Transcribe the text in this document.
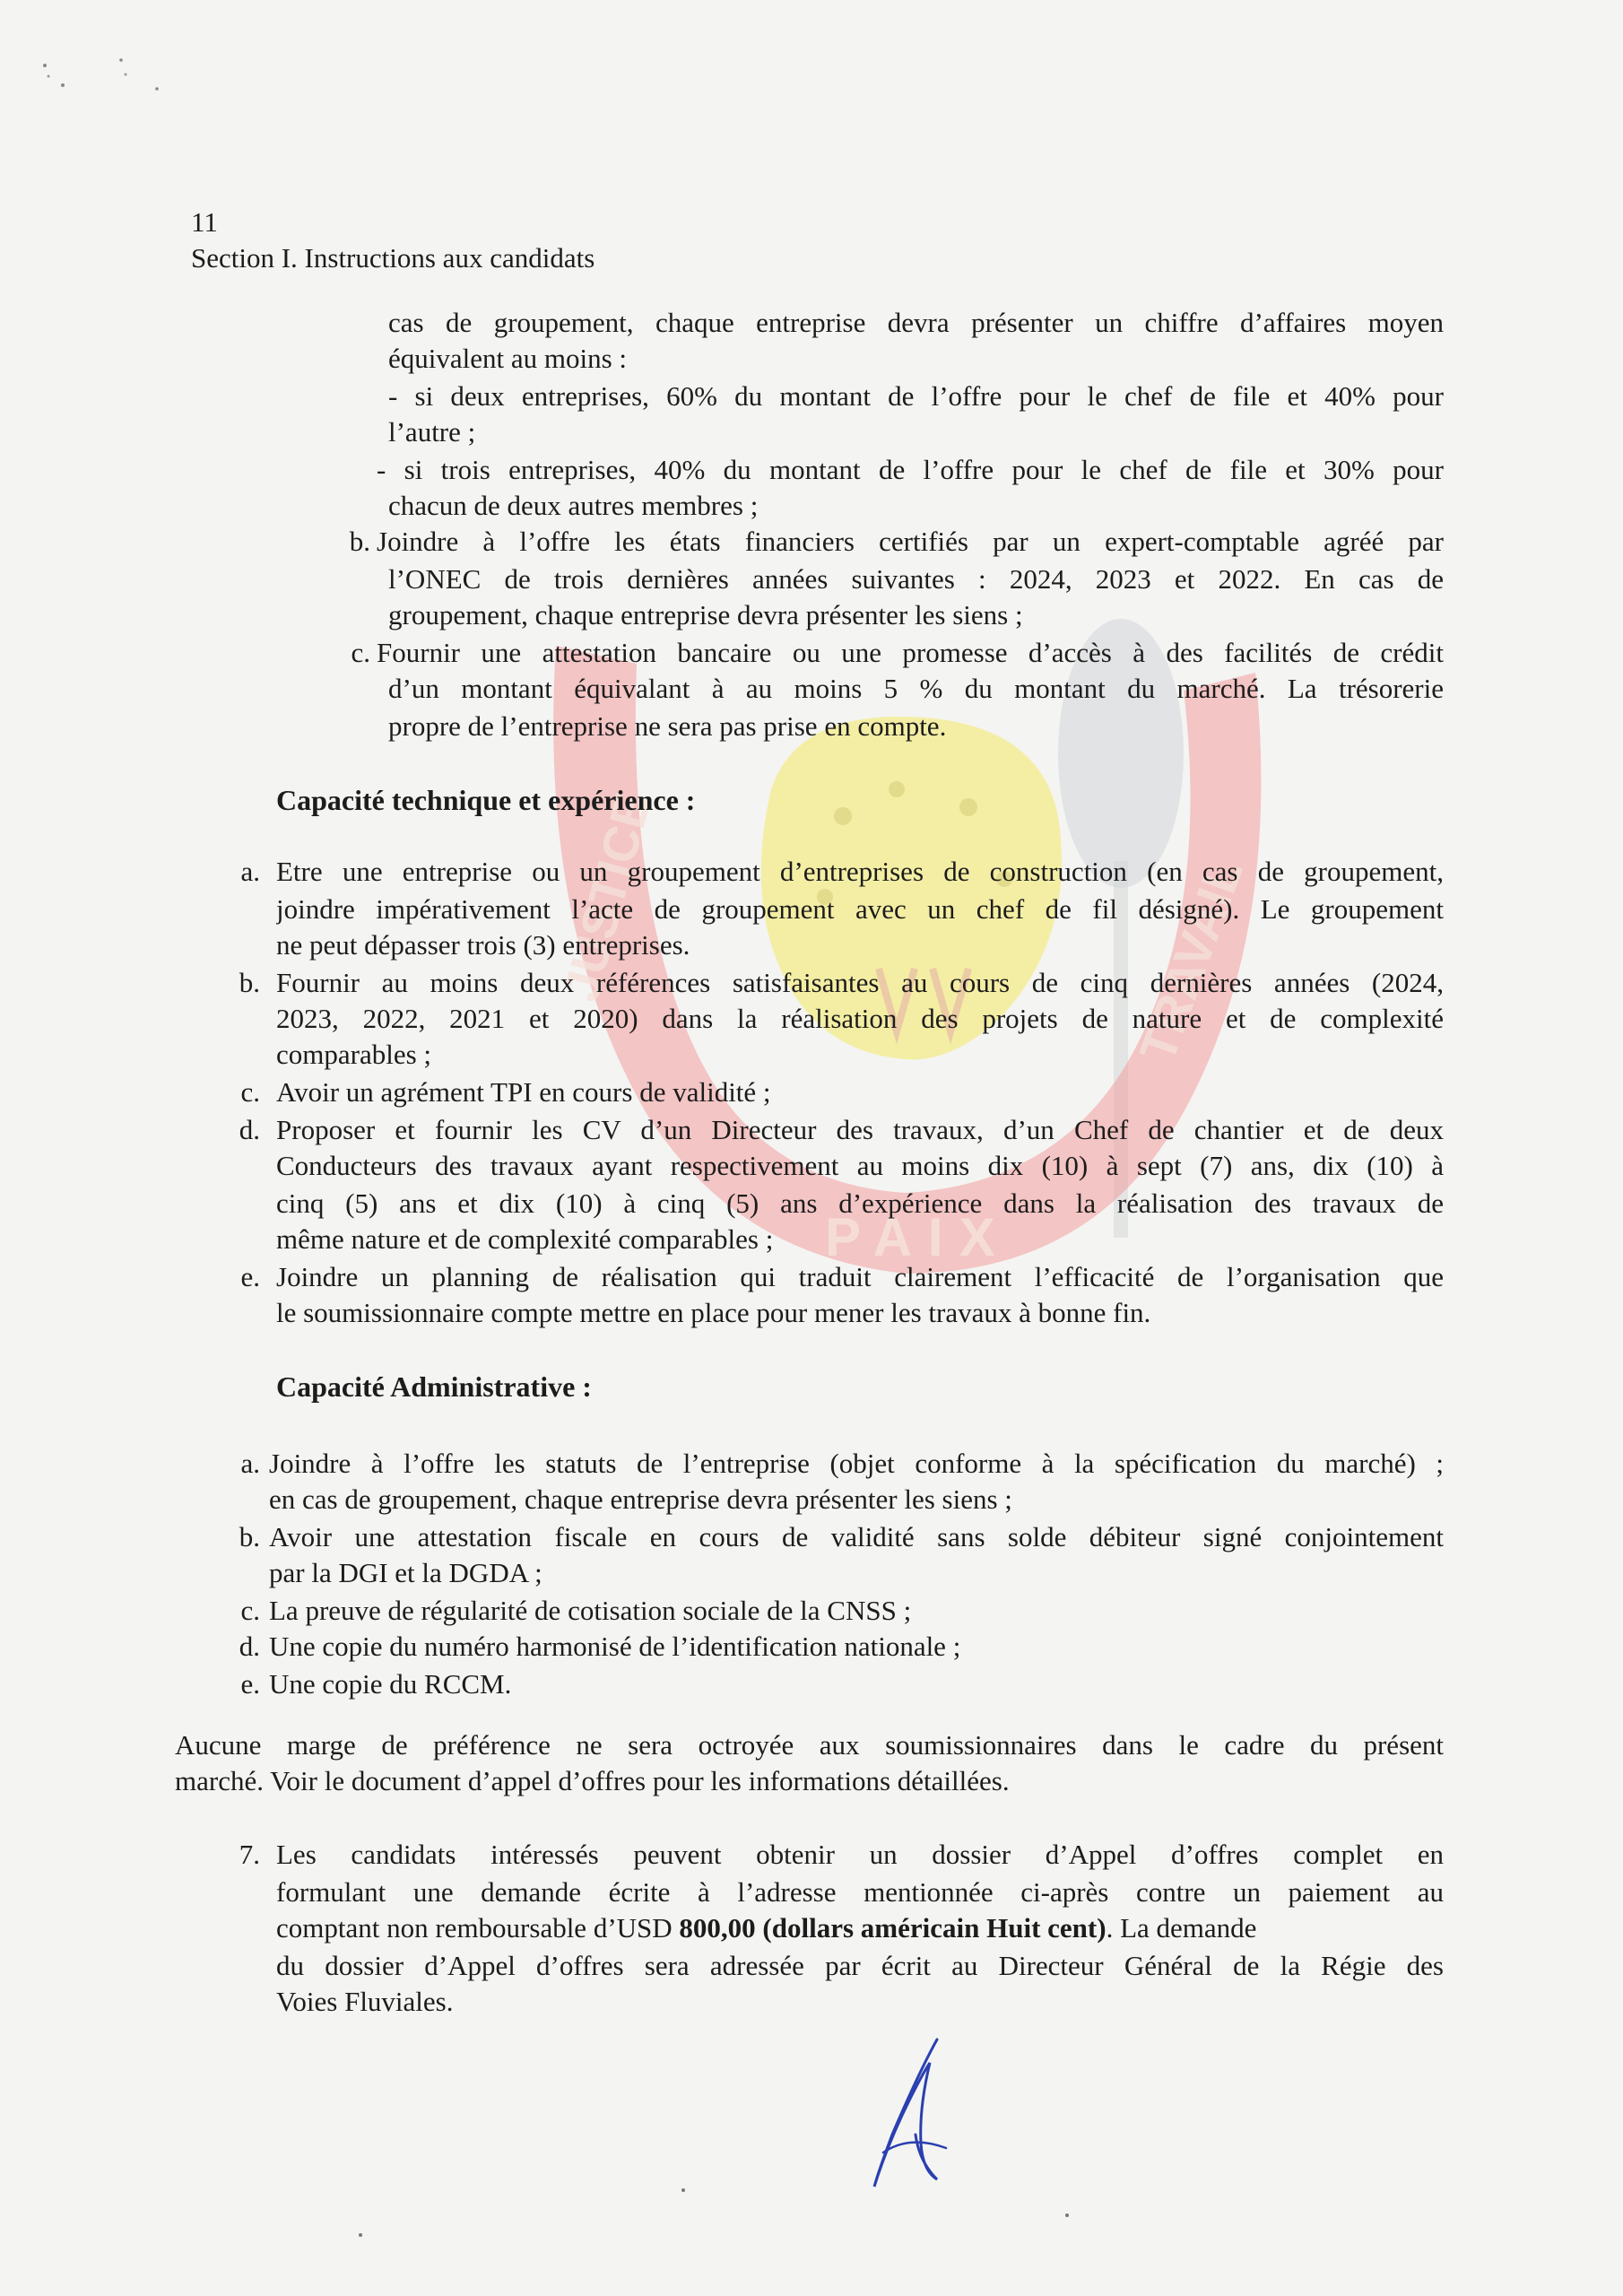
JUSTICE
PAIX
TRAVAIL
11
Section I. Instructions aux candidats
cas de groupement, chaque entreprise devra présenter un chiffre d’affaires moyen
équivalent au moins :
- si deux entreprises, 60% du montant de l’offre pour le chef de file et 40% pour
l’autre ;
- si trois entreprises, 40% du montant de l’offre pour le chef de file et 30% pour
chacun de deux autres membres ;
b. Joindre à l’offre les états financiers certifiés par un expert-comptable agréé par
l’ONEC de trois dernières années suivantes : 2024, 2023 et 2022. En cas de
groupement, chaque entreprise devra présenter les siens ;
c. Fournir une attestation bancaire ou une promesse d’accès à des facilités de crédit
d’un montant équivalant à au moins 5 % du montant du marché. La trésorerie
propre de l’entreprise ne sera pas prise en compte.
Capacité technique et expérience :
a. Etre une entreprise ou un groupement d’entreprises de construction (en cas de groupement,
joindre impérativement l’acte de groupement avec un chef de fil désigné). Le groupement
ne peut dépasser trois (3) entreprises.
b. Fournir au moins deux références satisfaisantes au cours de cinq dernières années (2024,
2023, 2022, 2021 et 2020) dans la réalisation des projets de nature et de complexité
comparables ;
c. Avoir un agrément TPI en cours de validité ;
d. Proposer et fournir les CV d’un Directeur des travaux, d’un Chef de chantier et de deux
Conducteurs des travaux ayant respectivement au moins dix (10) à sept (7) ans, dix (10) à
cinq (5) ans et dix (10) à cinq (5) ans d’expérience dans la réalisation des travaux de
même nature et de complexité comparables ;
e. Joindre un planning de réalisation qui traduit clairement l’efficacité de l’organisation que
le soumissionnaire compte mettre en place pour mener les travaux à bonne fin.
Capacité Administrative :
a. Joindre à l’offre les statuts de l’entreprise (objet conforme à la spécification du marché) ;
en cas de groupement, chaque entreprise devra présenter les siens ;
b. Avoir une attestation fiscale en cours de validité sans solde débiteur signé conjointement
par la DGI et la DGDA ;
c. La preuve de régularité de cotisation sociale de la CNSS ;
d. Une copie du numéro harmonisé de l’identification nationale ;
e. Une copie du RCCM.
Aucune marge de préférence ne sera octroyée aux soumissionnaires dans le cadre du présent
marché. Voir le document d’appel d’offres pour les informations détaillées.
7. Les candidats intéressés peuvent obtenir un dossier d’Appel d’offres complet en
formulant une demande écrite à l’adresse mentionnée ci-après contre un paiement au
comptant non remboursable d’USD 800,00 (dollars américain Huit cent). La demande
du dossier d’Appel d’offres sera adressée par écrit au Directeur Général de la Régie des
Voies Fluviales.
